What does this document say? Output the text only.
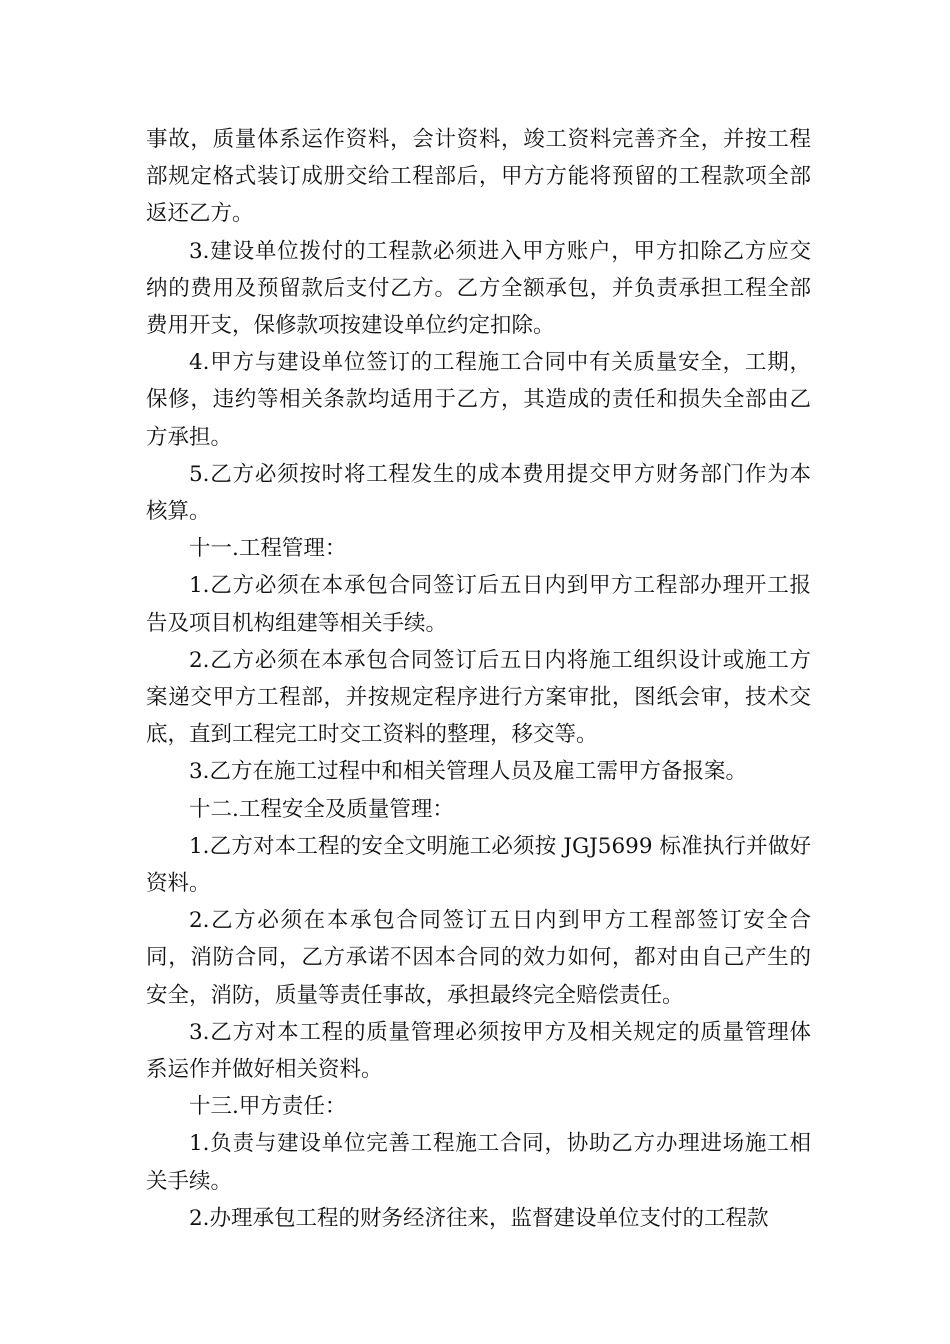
事故，质量体系运作资料，会计资料，竣工资料完善齐全，并按工程部规定格式装订成册交给工程部后，甲方方能将预留的工程款项全部返还乙方。

3.建设单位拨付的工程款必须进入甲方账户，甲方扣除乙方应交纳的费用及预留款后支付乙方。乙方全额承包，并负责承担工程全部费用开支，保修款项按建设单位约定扣除。

4.甲方与建设单位签订的工程施工合同中有关质量安全，工期，保修，违约等相关条款均适用于乙方，其造成的责任和损失全部由乙方承担。

5.乙方必须按时将工程发生的成本费用提交甲方财务部门作为本核算。

十一.工程管理：

1.乙方必须在本承包合同签订后五日内到甲方工程部办理开工报告及项目机构组建等相关手续。

2.乙方必须在本承包合同签订后五日内将施工组织设计或施工方案递交甲方工程部，并按规定程序进行方案审批，图纸会审，技术交底，直到工程完工时交工资料的整理，移交等。

3.乙方在施工过程中和相关管理人员及雇工需甲方备报案。

十二.工程安全及质量管理：

1.乙方对本工程的安全文明施工必须按 JGJ5699 标准执行并做好资料。

2.乙方必须在本承包合同签订五日内到甲方工程部签订安全合同，消防合同，乙方承诺不因本合同的效力如何，都对由自己产生的安全，消防，质量等责任事故，承担最终完全赔偿责任。

3.乙方对本工程的质量管理必须按甲方及相关规定的质量管理体系运作并做好相关资料。

十三.甲方责任：

1.负责与建设单位完善工程施工合同，协助乙方办理进场施工相关手续。

2.办理承包工程的财务经济往来，监督建设单位支付的工程款
